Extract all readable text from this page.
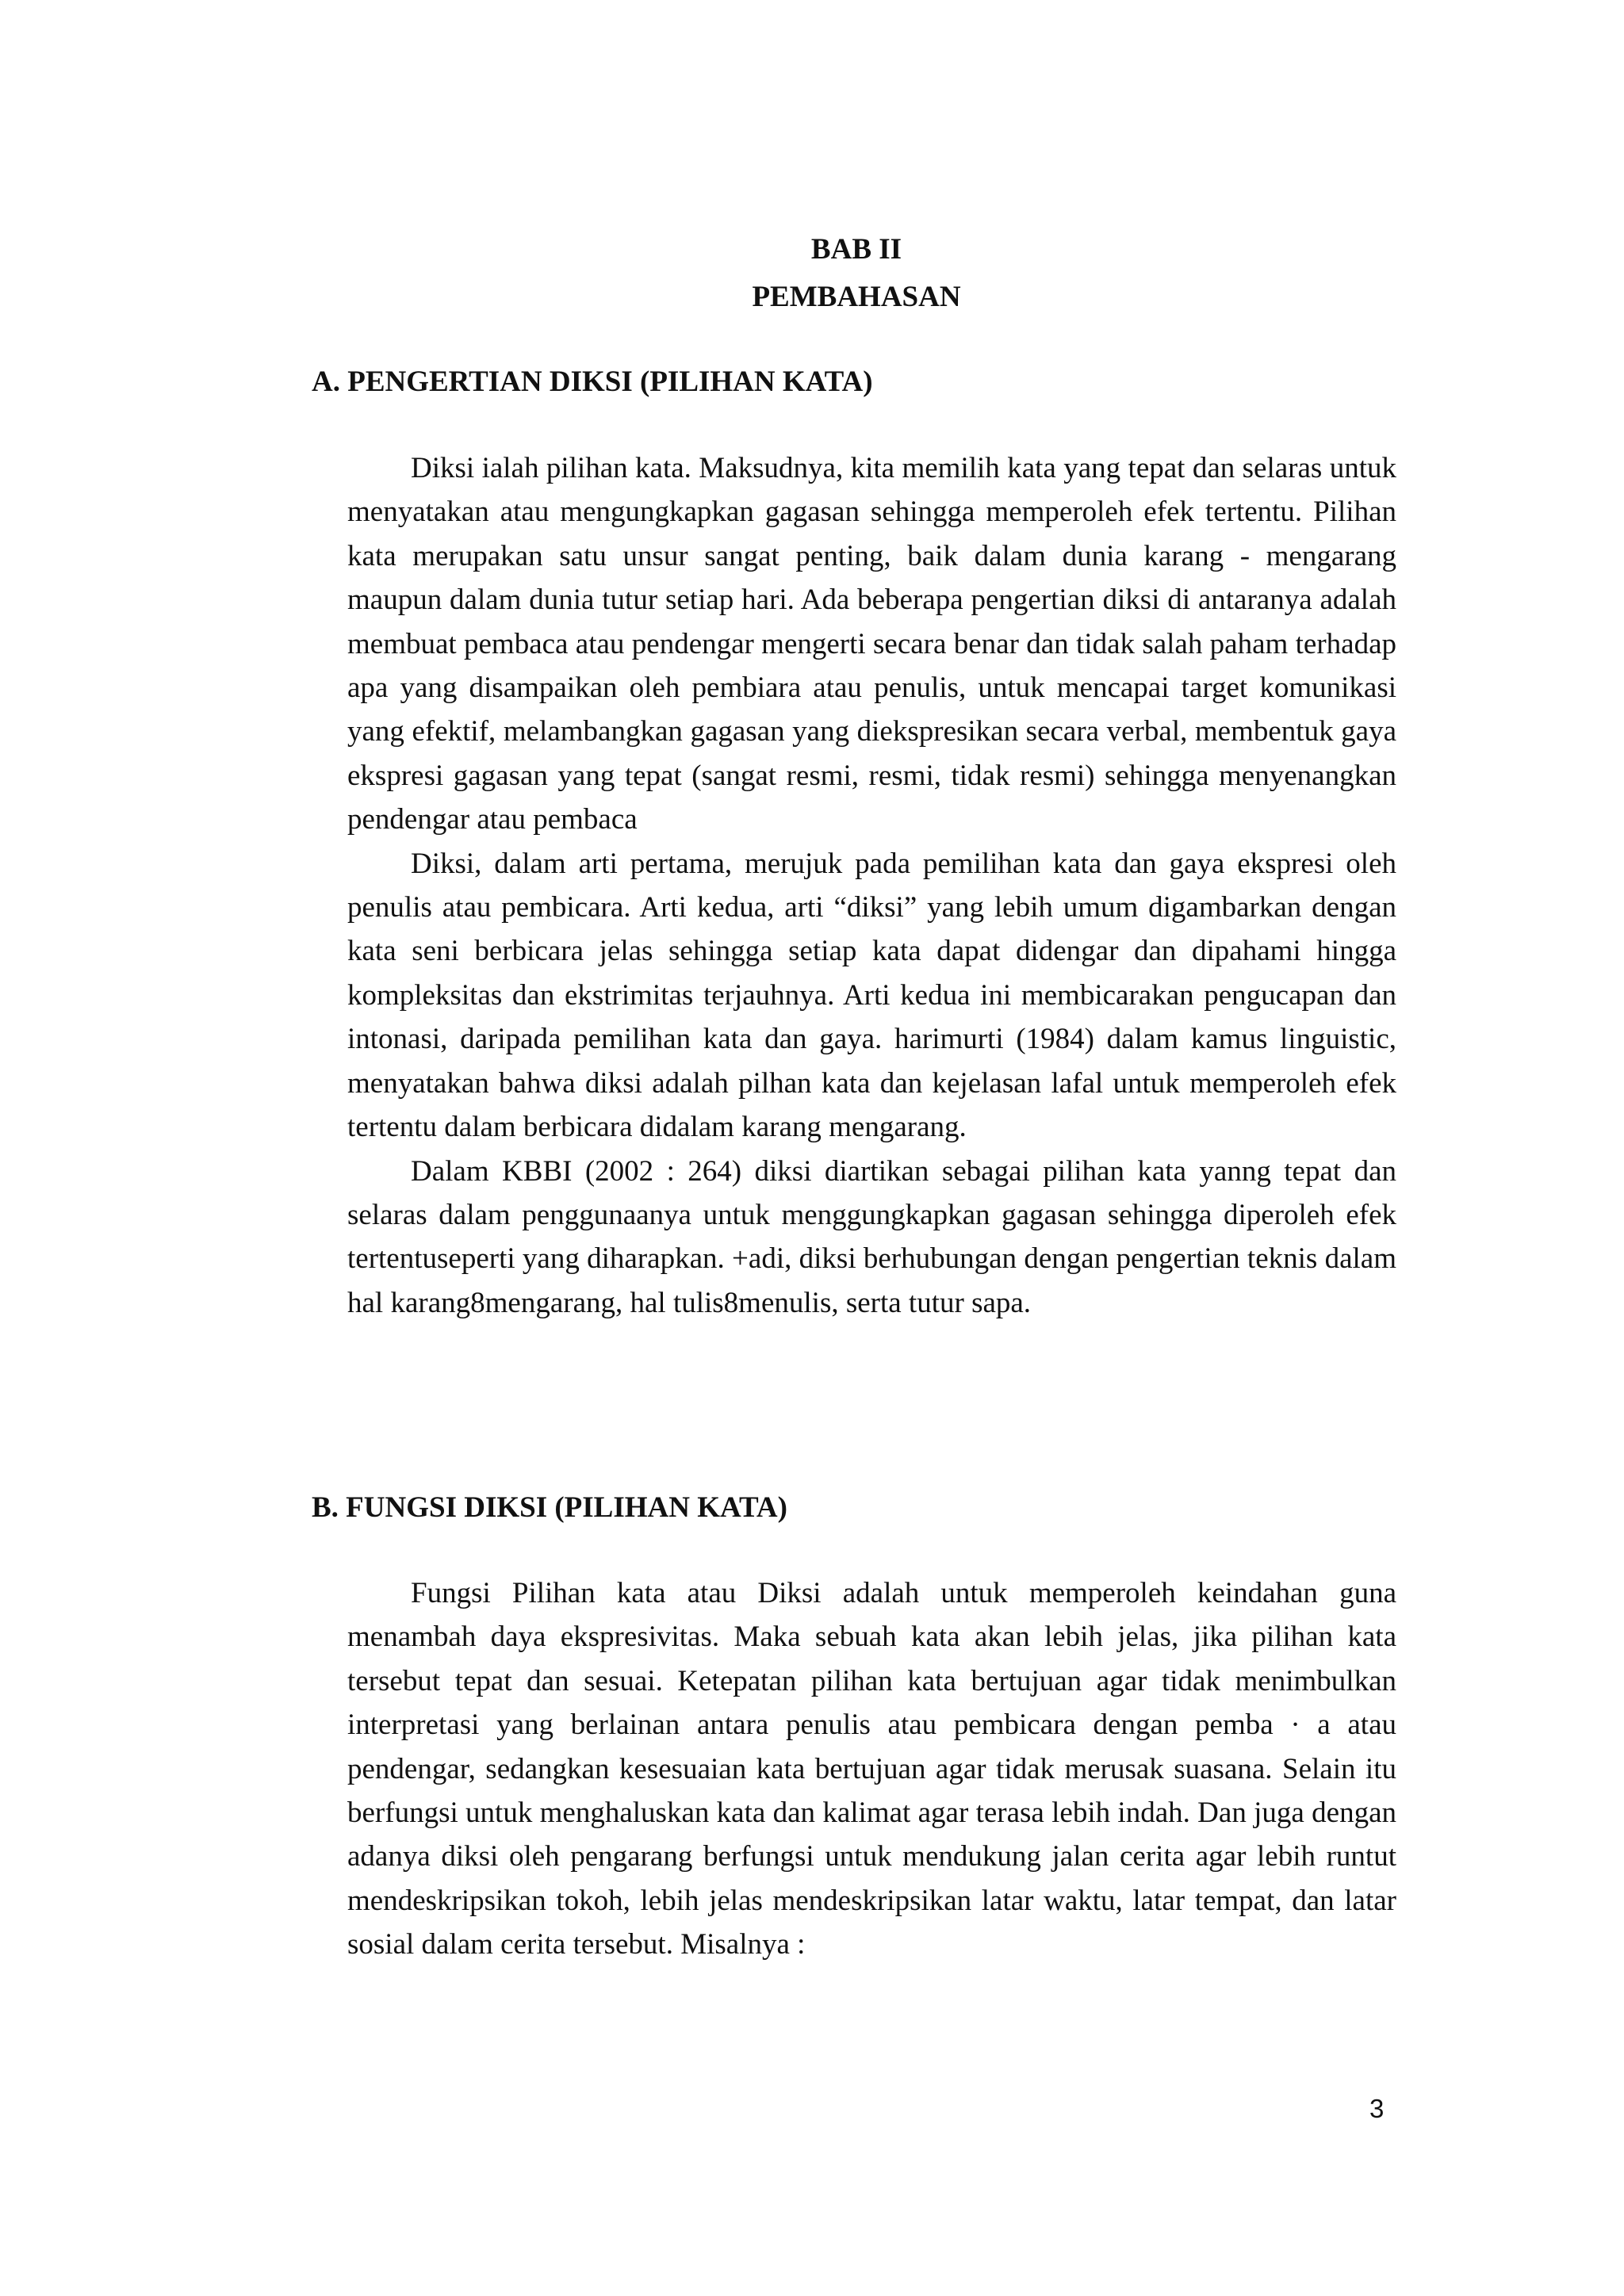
BAB II
PEMBAHASAN
A. PENGERTIAN DIKSI (PILIHAN KATA)

Diksi ialah pilihan kata. Maksudnya, kita memilih kata yang tepat dan selaras untuk menyatakan atau mengungkapkan gagasan sehingga memperoleh efek tertentu. Pilihan kata merupakan satu unsur sangat penting, baik dalam dunia karang - mengarang maupun dalam dunia tutur setiap hari. Ada beberapa pengertian diksi di antaranya adalah membuat pembaca atau pendengar mengerti secara benar dan tidak salah paham terhadap apa yang disampaikan oleh pembiara atau penulis, untuk mencapai target komunikasi yang efektif, melambangkan gagasan yang diekspresikan secara verbal, membentuk gaya ekspresi gagasan yang tepat (sangat resmi, resmi, tidak resmi) sehingga menyenangkan pendengar atau pembaca

Diksi, dalam arti pertama, merujuk pada pemilihan kata dan gaya ekspresi oleh penulis atau pembicara. Arti kedua, arti “diksi” yang lebih umum digambarkan dengan kata seni berbicara jelas sehingga setiap kata dapat didengar dan dipahami hingga kompleksitas dan ekstrimitas terjauhnya. Arti kedua ini membicarakan pengucapan dan intonasi, daripada pemilihan kata dan gaya. harimurti (1984) dalam kamus linguistic, menyatakan bahwa diksi adalah pilhan kata dan kejelasan lafal untuk memperoleh efek tertentu dalam berbicara didalam karang mengarang.

Dalam KBBI (2002 : 264) diksi diartikan sebagai pilihan kata yanng tepat dan selaras dalam penggunaanya untuk menggungkapkan gagasan sehingga diperoleh efek tertentuseperti yang diharapkan. +adi, diksi berhubungan dengan pengertian teknis dalam hal karang8mengarang, hal tulis8menulis, serta tutur sapa.

B. FUNGSI DIKSI (PILIHAN KATA)

Fungsi Pilihan kata atau Diksi adalah untuk memperoleh keindahan guna menambah daya ekspresivitas. Maka sebuah kata akan lebih jelas, jika pilihan kata tersebut tepat dan sesuai. Ketepatan pilihan kata bertujuan agar tidak menimbulkan interpretasi yang berlainan antara penulis atau pembicara dengan pemba · a atau pendengar, sedangkan kesesuaian kata bertujuan agar tidak merusak suasana. Selain itu berfungsi untuk menghaluskan kata dan kalimat agar terasa lebih indah. Dan juga dengan adanya diksi oleh pengarang berfungsi untuk mendukung jalan cerita agar lebih runtut mendeskripsikan tokoh, lebih jelas mendeskripsikan latar waktu, latar tempat, dan latar sosial dalam cerita tersebut. Misalnya :

3
